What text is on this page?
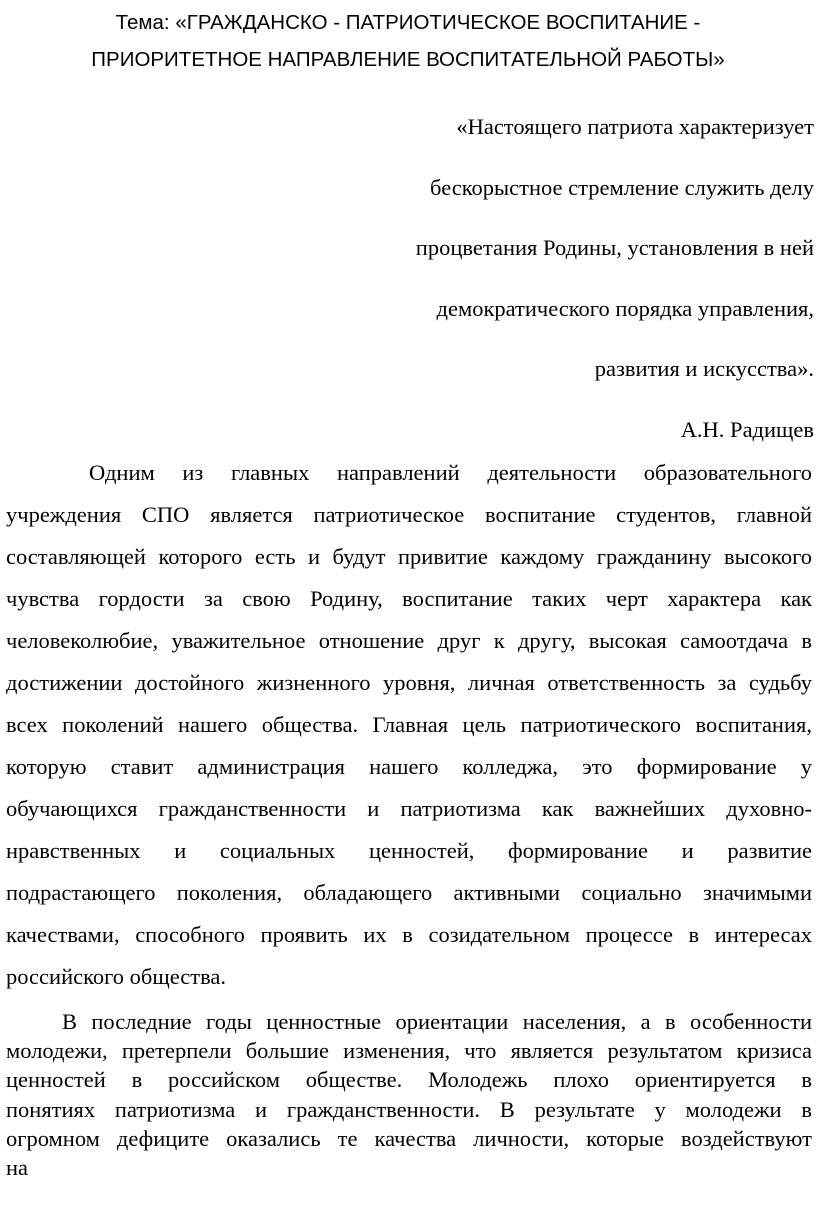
Тема: «ГРАЖДАНСКО - ПАТРИОТИЧЕСКОЕ ВОСПИТАНИЕ -
ПРИОРИТЕТНОЕ НАПРАВЛЕНИЕ ВОСПИТАТЕЛЬНОЙ РАБОТЫ»
«Настоящего патриота характеризует
бескорыстное стремление служить делу
процветания Родины, установления в ней
демократического порядка управления,
развития и искусства».
А.Н. Радищев
Одним из главных направлений деятельности образовательного
учреждения СПО является патриотическое воспитание студентов, главной
составляющей которого есть и будут привитие каждому гражданину высокого
чувства гордости за свою Родину, воспитание таких черт характера как
человеколюбие, уважительное отношение друг к другу, высокая самоотдача в
достижении достойного жизненного уровня, личная ответственность за судьбу
всех поколений нашего общества. Главная цель патриотического воспитания,
которую ставит администрация нашего колледжа, это формирование у
обучающихся гражданственности и патриотизма как важнейших духовно-
нравственных и социальных ценностей, формирование и развитие
подрастающего поколения, обладающего активными социально значимыми
качествами, способного проявить их в созидательном процессе в интересах
российского общества.
В последние годы ценностные ориентации населения, а в особенности
молодежи, претерпели большие изменения, что является результатом кризиса
ценностей в российском обществе. Молодежь плохо ориентируется в
понятиях патриотизма и гражданственности. В результате у молодежи в
огромном дефиците оказались те качества личности, которые воздействуют
на
